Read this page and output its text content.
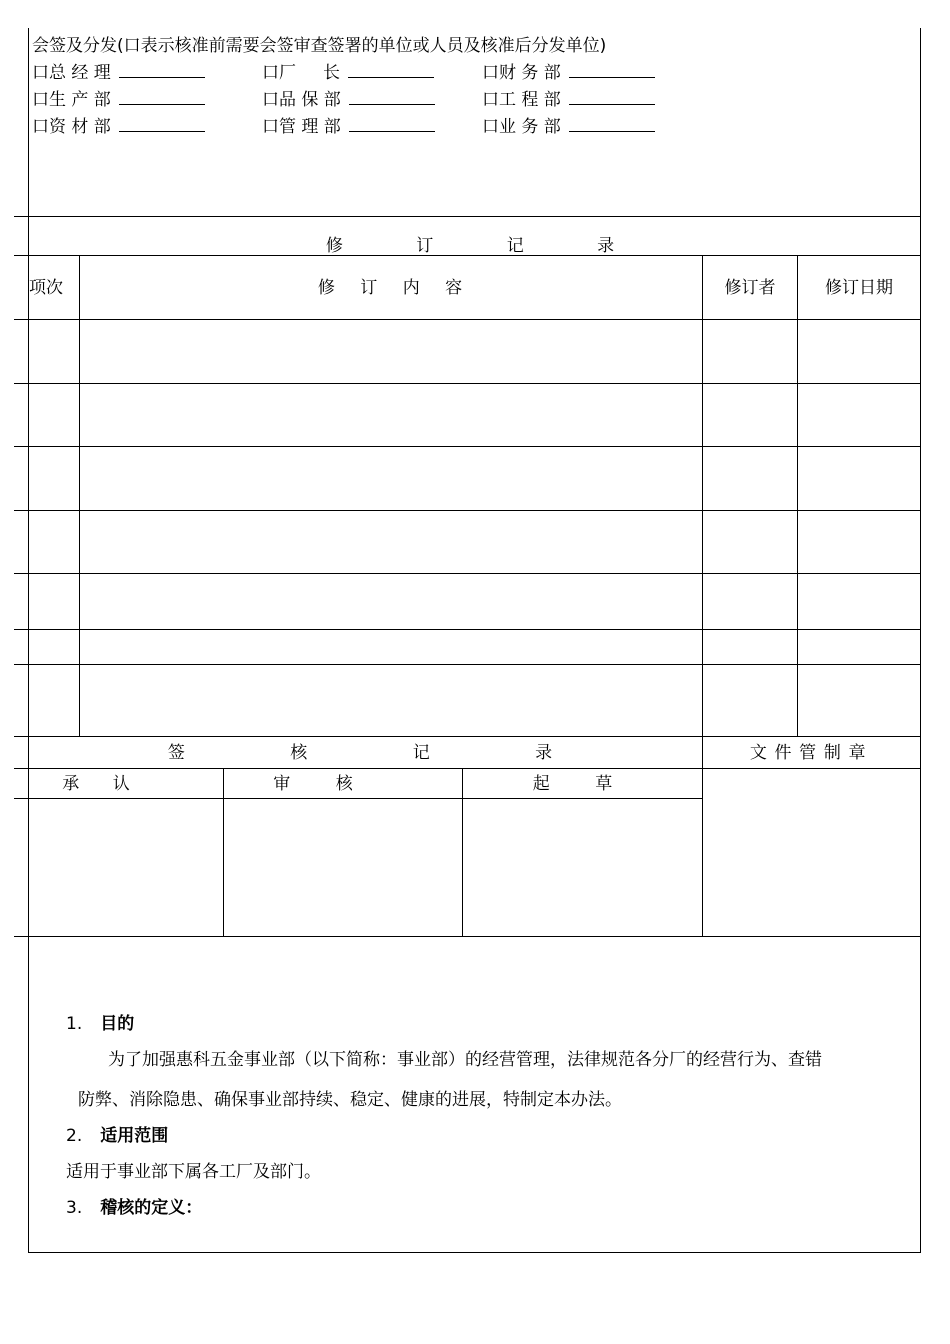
会签及分发(口表示核准前需要会签审查签署的单位或人员及核准后分发单位)
口总 经 理	口厂     长	口财 务 部
口生 产 部	口品 保 部	口工 程 部
口资 材 部	口管 理 部	口业 务 部
修 订 记 录
项次	修 订 内 容	修订者	修订日期
签 核 记 录	文件管制章
承 认	审 核	起 草
1. 目的
为了加强惠科五金事业部（以下简称：事业部）的经营管理，法律规范各分厂的经营行为、查错
防弊、消除隐患、确保事业部持续、稳定、健康的进展，特制定本办法。
2. 适用范围
适用于事业部下属各工厂及部门。
3. 稽核的定义：
